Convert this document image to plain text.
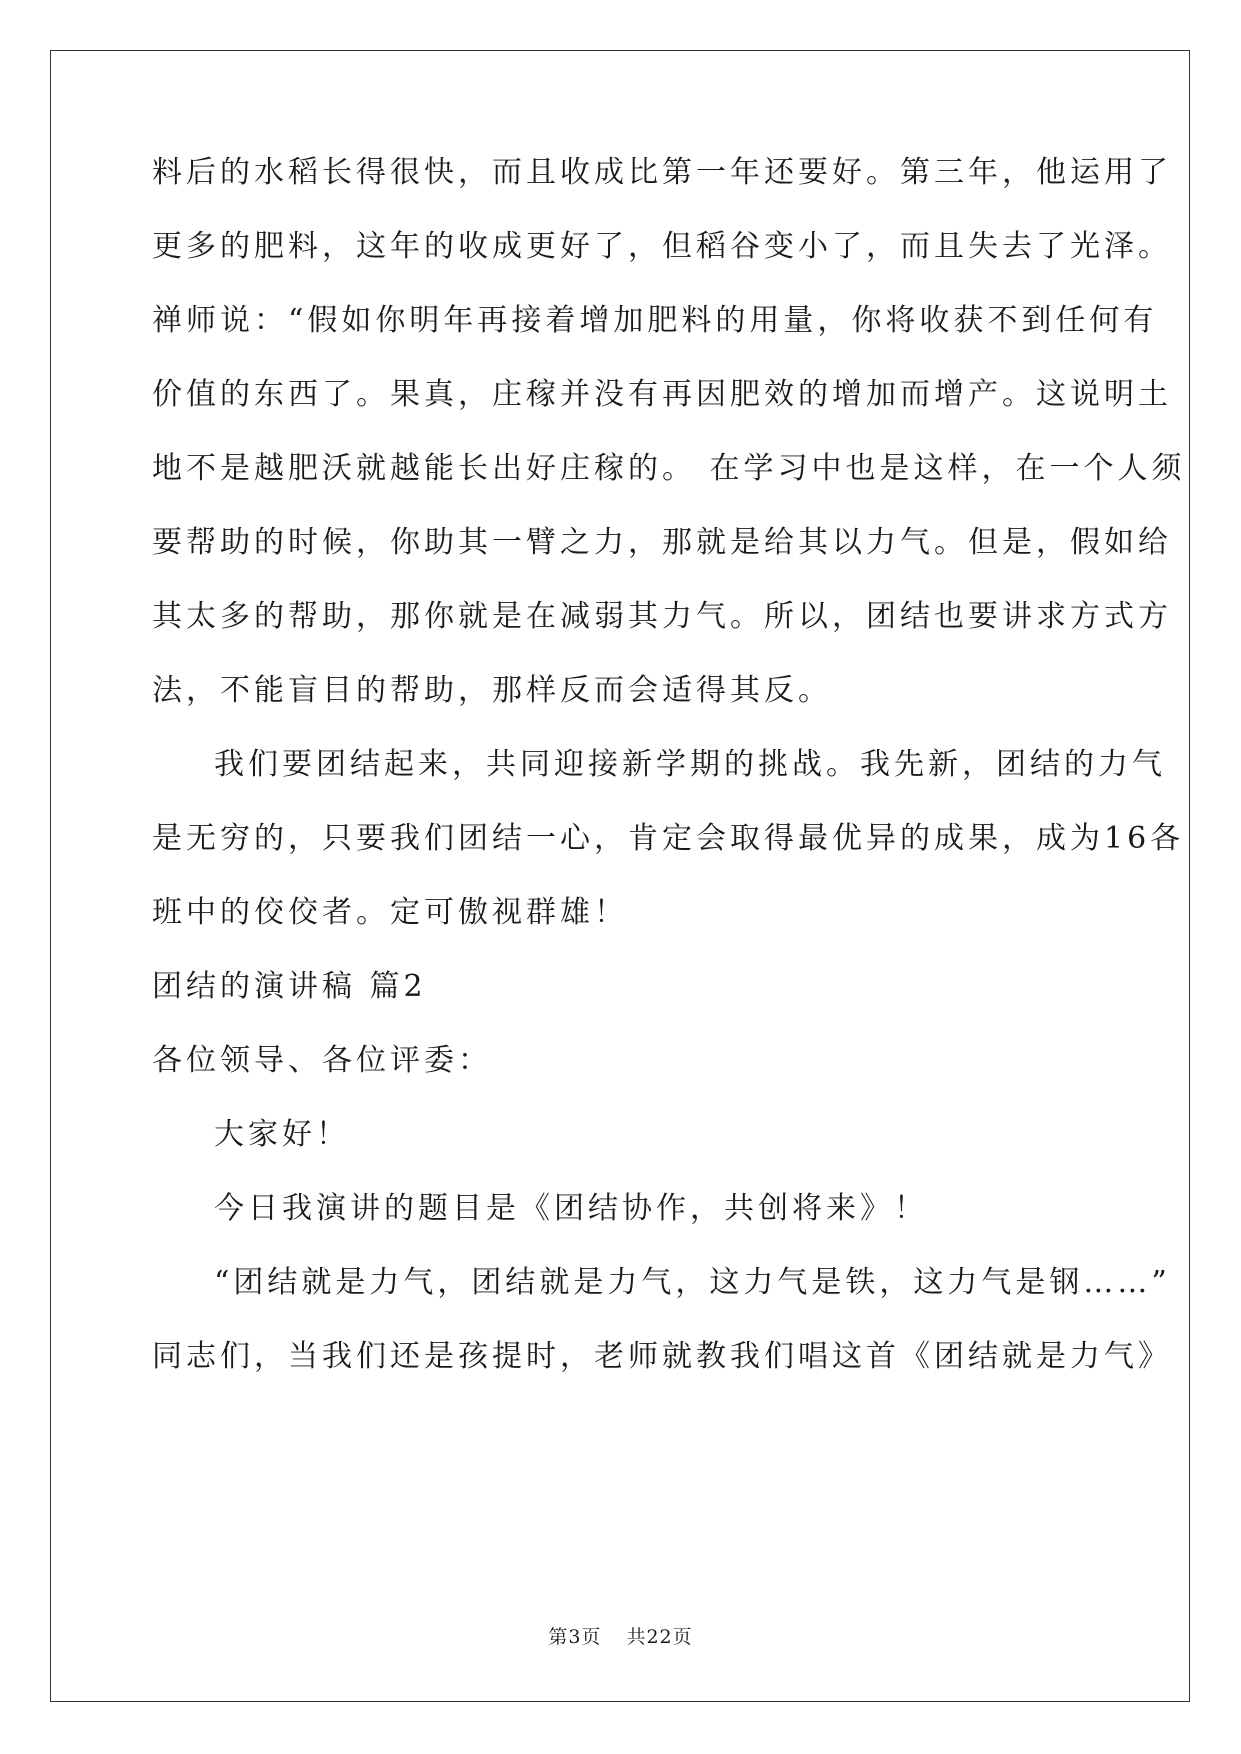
料后的水稻长得很快，而且收成比第一年还要好。第三年，他运用了
更多的肥料，这年的收成更好了，但稻谷变小了，而且失去了光泽。
禅师说：“假如你明年再接着增加肥料的用量，你将收获不到任何有
价值的东西了。果真，庄稼并没有再因肥效的增加而增产。这说明土
地不是越肥沃就越能长出好庄稼的。 在学习中也是这样，在一个人须
要帮助的时候，你助其一臂之力，那就是给其以力气。但是，假如给
其太多的帮助，那你就是在减弱其力气。所以，团结也要讲求方式方
法，不能盲目的帮助，那样反而会适得其反。
我们要团结起来，共同迎接新学期的挑战。我先新，团结的力气
是无穷的，只要我们团结一心，肯定会取得最优异的成果，成为16各
班中的佼佼者。定可傲视群雄！
团结的演讲稿 篇2
各位领导、各位评委：
大家好！
今日我演讲的题目是《团结协作，共创将来》！
“团结就是力气，团结就是力气，这力气是铁，这力气是钢……”
同志们，当我们还是孩提时，老师就教我们唱这首《团结就是力气》
第3页 共22页
